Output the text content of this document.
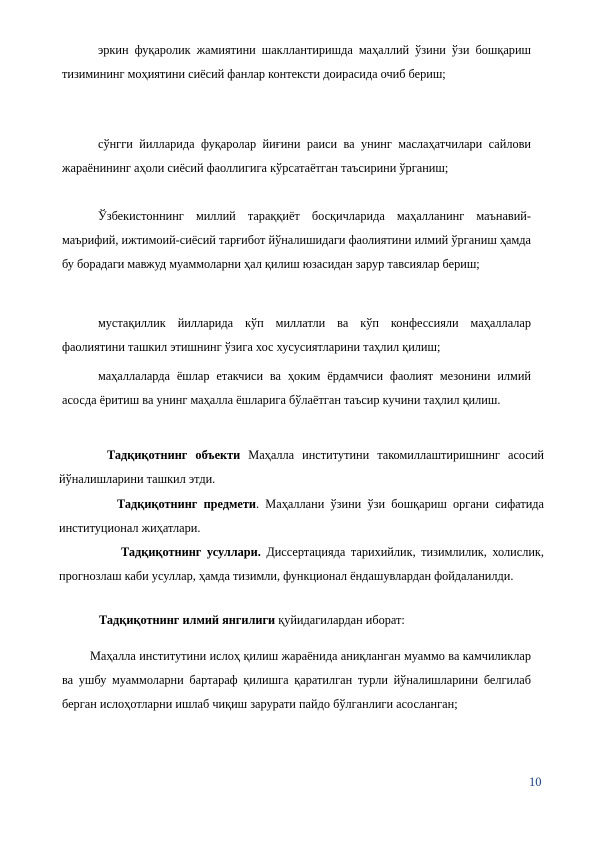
эркин фуқаролик жамиятини шакллантиришда маҳаллий ўзини ўзи бошқариш тизимининг моҳиятини сиёсий фанлар контексти доирасида очиб бериш;

сўнгги йилларида фуқаролар йиғини раиси ва унинг маслаҳатчилари сайлови жараёнининг аҳоли сиёсий фаоллигига кўрсатаётган таъсирини ўрганиш;

Ўзбекистоннинг миллий тараққиёт босқичларида маҳалланинг маънавий-маърифий, ижтимоий-сиёсий тарғибот йўналишидаги фаолиятини илмий ўрганиш ҳамда бу борадаги мавжуд муаммоларни ҳал қилиш юзасидан зарур тавсиялар бериш;

мустақиллик йилларида кўп миллатли ва кўп конфессияли маҳаллалар фаолиятини ташкил этишнинг ўзига хос хусусиятларини таҳлил қилиш;

маҳаллаларда ёшлар етакчиси ва ҳоким ёрдамчиси фаолият мезонини илмий асосда ёритиш ва унинг маҳалла ёшларига бўлаётган таъсир кучини таҳлил қилиш.

Тадқиқотнинг объекти Маҳалла институтини такомиллаштиришнинг асосий йўналишларини ташкил этди.

Тадқиқотнинг предмети. Маҳаллани ўзини ўзи бошқариш органи сифатида институционал жиҳатлари.

Тадқиқотнинг усуллари. Диссертацияда тарихийлик, тизимлилик, холислик, прогнозлаш каби усуллар, ҳамда тизимли, функционал ёндашувлардан фойдаланилди.

Тадқиқотнинг илмий янгилиги қуйидагилардан иборат:

Маҳалла институтини ислоҳ қилиш жараёнида аниқланган муаммо ва камчиликлар ва ушбу муаммоларни бартараф қилишга қаратилган турли йўналишларини белгилаб берган ислоҳотларни ишлаб чиқиш зарурати пайдо бўлганлиги асосланган;

10
